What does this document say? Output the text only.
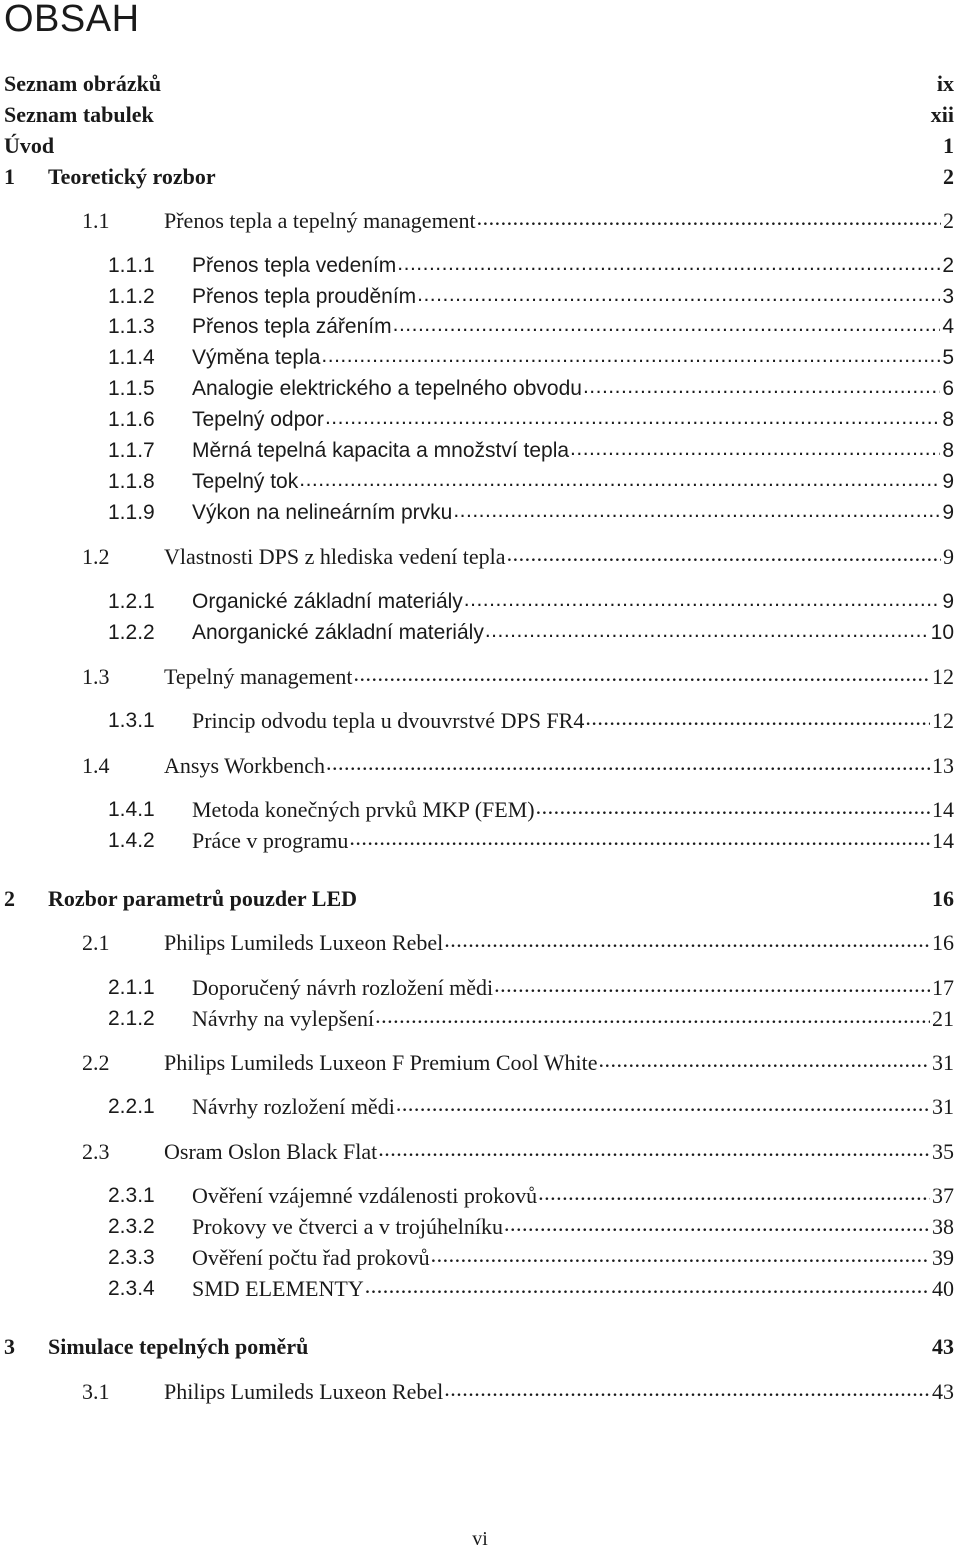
OBSAH
Seznam obrázků	ix
Seznam tabulek	xii
Úvod	1
1	Teoretický rozbor	2
1.1	Přenos tepla a tepelný management .....	2
1.1.1	Přenos tepla vedením .....	2
1.1.2	Přenos tepla prouděním .....	3
1.1.3	Přenos tepla zářením .....	4
1.1.4	Výměna tepla .....	5
1.1.5	Analogie elektrického a tepelného obvodu .....	6
1.1.6	Tepelný odpor .....	8
1.1.7	Měrná tepelná kapacita a množství tepla .....	8
1.1.8	Tepelný tok .....	9
1.1.9	Výkon na nelineárním prvku .....	9
1.2	Vlastnosti DPS z hlediska vedení tepla .....	9
1.2.1	Organické základní materiály .....	9
1.2.2	Anorganické základní materiály .....	10
1.3	Tepelný management .....	12
1.3.1	Princip odvodu tepla u dvouvrstvé DPS FR4 .....	12
1.4	Ansys Workbench .....	13
1.4.1	Metoda konečných prvků MKP (FEM) .....	14
1.4.2	Práce v programu .....	14
2	Rozbor parametrů pouzder LED	16
2.1	Philips Lumileds Luxeon Rebel .....	16
2.1.1	Doporučený návrh rozložení mědi .....	17
2.1.2	Návrhy na vylepšení .....	21
2.2	Philips Lumileds Luxeon F Premium Cool White .....	31
2.2.1	Návrhy rozložení mědi .....	31
2.3	Osram Oslon Black Flat .....	35
2.3.1	Ověření vzájemné vzdálenosti prokovů .....	37
2.3.2	Prokovy ve čtverci a v trojúhelníku .....	38
2.3.3	Ověření počtu řad prokovů .....	39
2.3.4	SMD ELEMENTY .....	40
3	Simulace tepelných poměrů	43
3.1	Philips Lumileds Luxeon Rebel .....	43
vi
